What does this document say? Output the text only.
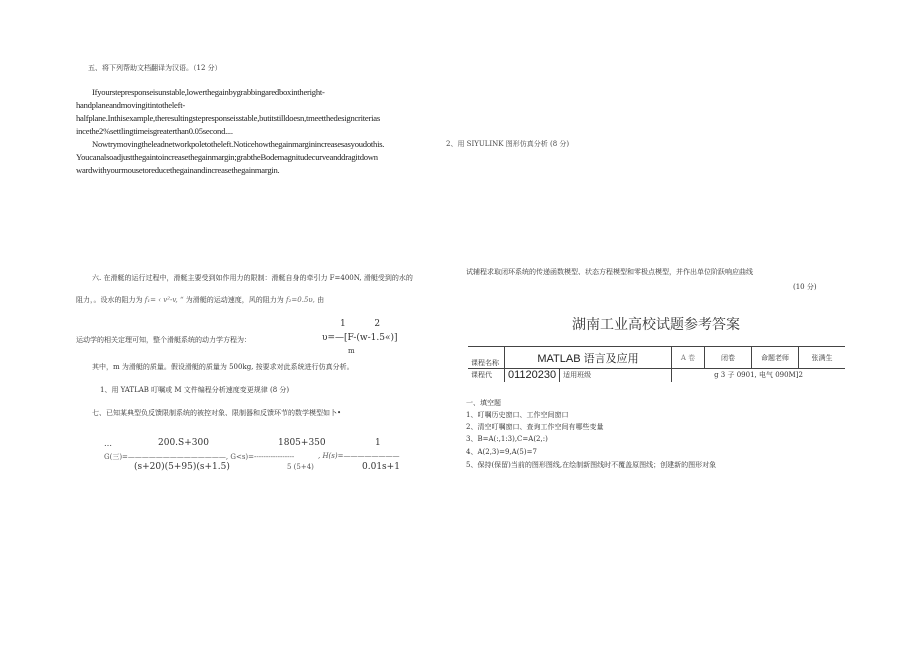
五、将下列帮助文档翻译为汉语。（12 分）
Ifyourstepresponseisunstable,lowerthegainbygrabbingaredboxintheright-
handplaneandmovingitintotheleft-
halfplane.Inthisexample,theresultingstepresponseisstable,butitstilldoesn,tmeetthedesigncriterias
incethe2%settlingtimeisgreaterthan0.05second....
Nowtrymovingtheleadnetworkpoletotheleft.Noticehowthegainmarginincreasesasyoudothis.
Youcanalsoadjustthegaintoincreasethegainmargin;grabtheBodemagnitudecurveanddragitdown
wardwithyourmousetoreducethegainandincreasethegainmargin.
六. 在滑艇的运行过程中，滑艇主要受到如作用力的限制：滑艇自身的牵引力 F=400N, 滑艇受到的水的
阻力，。设水的阻力为 f₁= ‹ v²-v, “ 为滑艇的运动速度，风的阻力为 f₂=0.5υ, 由
运动学的相关定理可知，整个滑艇系统的动力学方程为：
1          2
υ=—[F-(w-1.5«)]
m
其中，m 为滑艇的质量。假设滑艇的质量为 500kg, 按要求对此系统进行仿真分析。
1、用 YATLAB 叮嘱或 M 文件编程分析速度变更规律 (8 分)
七、已知某典型负反馈限制系统的被控对象、限制器和反馈环节的数学模型如卜•
…	200.S+300	1805+350	1
G(三)=——————————————, G<s)=-----------------	, H(s)=————————
(s+20)(5+95)(s+1.5)	5 (5+4)	0.01s+1
2、用 SIYULINK 图形仿真分析 (8 分)
试辅程求取闭环系统的传递函数模型、状态方程模型和零极点模型，并作出单位阶跃响应曲线
(10 分)
湖南工业高校试题参考答案
课程名称	MATLAB 语言及应用		A 卷	闭卷	命题老师	张满生
课程代	01120230	适用班级	g 3 子 0901, 电气 090M]2			
一、填空题
1、叮嘱历史窗口、工作空间窗口
2、清空叮嘱窗口、查询工作空间有哪些变量
3、B=A(:,1:3),C=A(2,:)
4、A(2,3)=9,A(5)=7
5、保持(保留)当前的图形图线,在绘制新图线时不覆盖原图线；创建新的图形对象
